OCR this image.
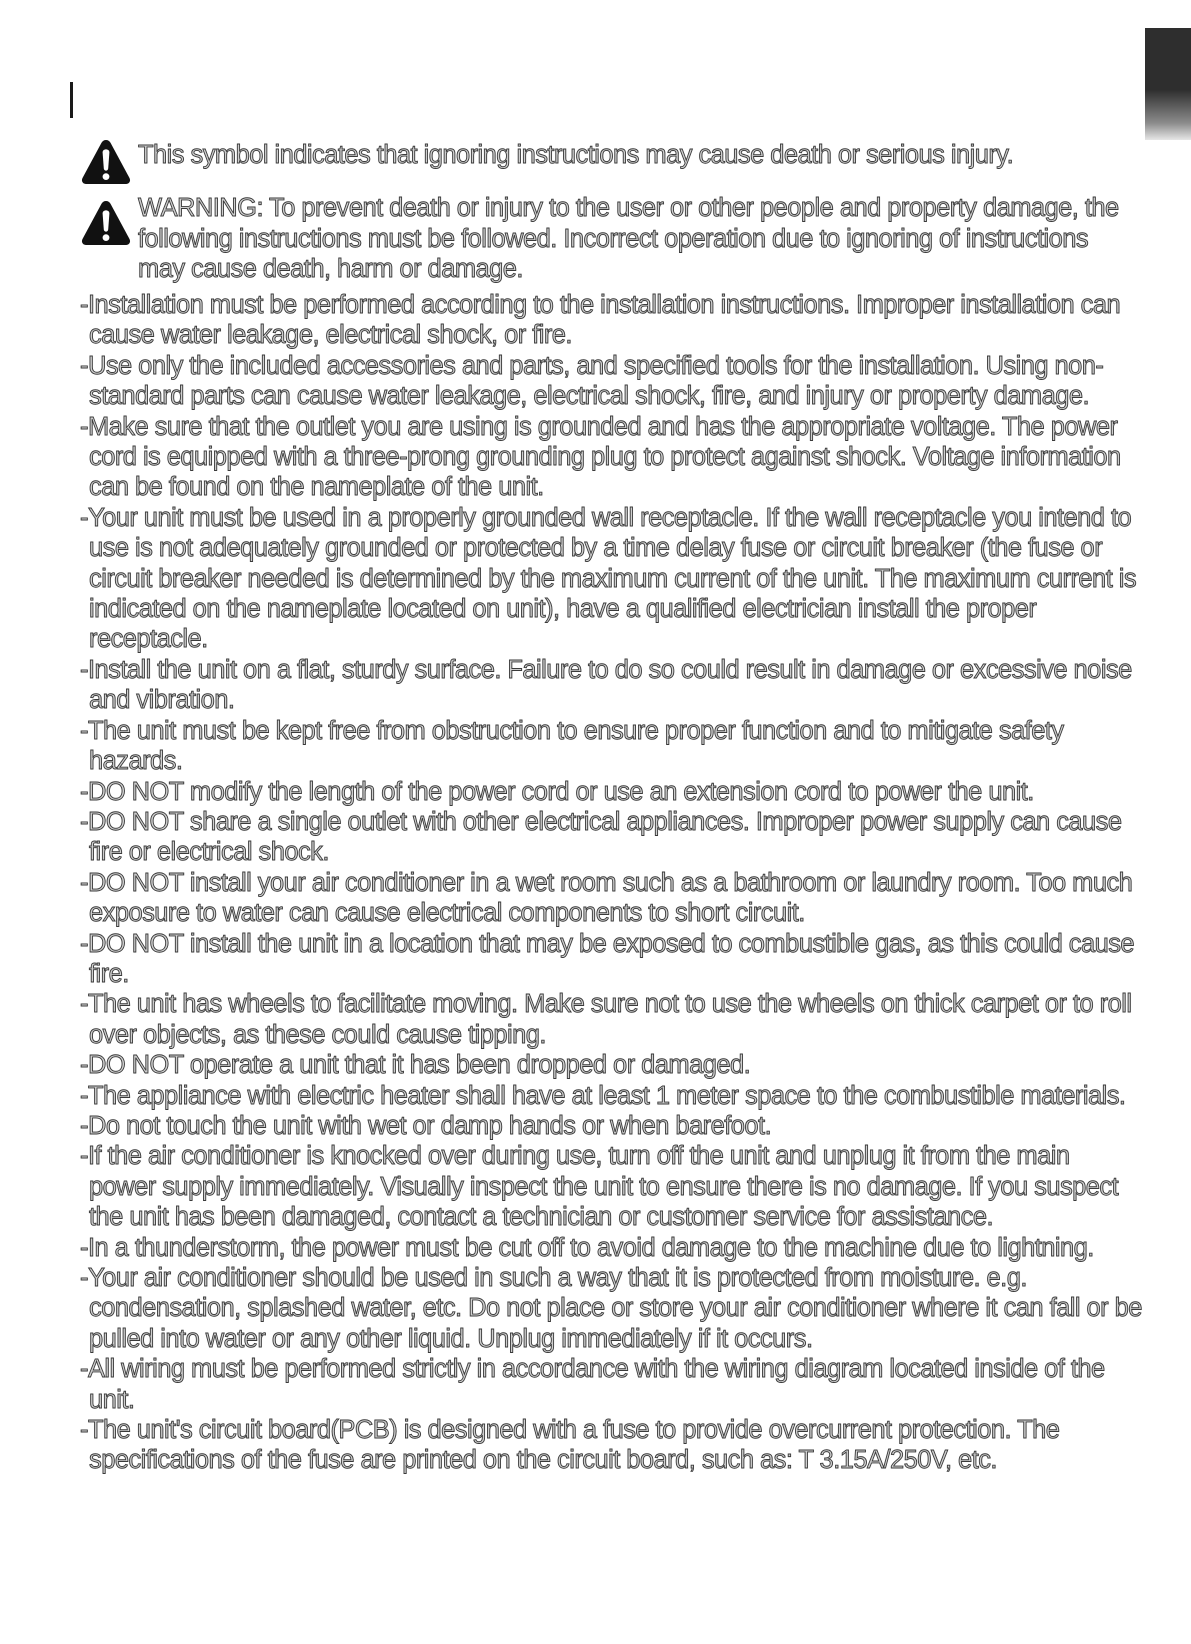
This symbol indicates that ignoring instructions may cause death or serious injury.
WARNING: To prevent death or injury to the user or other people and property damage, the following instructions must be followed. Incorrect operation due to ignoring of instructions may cause death, harm or damage.
- Installation must be performed according to the installation instructions. Improper installation can cause water leakage, electrical shock, or fire.
- Use only the included accessories and parts, and specified tools for the installation. Using non-standard parts can cause water leakage, electrical shock, fire, and injury or property damage.
- Make sure that the outlet you are using is grounded and has the appropriate voltage. The power cord is equipped with a three-prong grounding plug to protect against shock. Voltage information can be found on the nameplate of the unit.
- Your unit must be used in a properly grounded wall receptacle. If the wall receptacle you intend to use is not adequately grounded or protected by a time delay fuse or circuit breaker (the fuse or circuit breaker needed is determined by the maximum current of the unit. The maximum current is indicated on the nameplate located on unit), have a qualified electrician install the proper receptacle.
- Install the unit on a flat, sturdy surface. Failure to do so could result in damage or excessive noise and vibration.
- The unit must be kept free from obstruction to ensure proper function and to mitigate safety hazards.
- DO NOT modify the length of the power cord or use an extension cord to power the unit.
- DO NOT share a single outlet with other electrical appliances. Improper power supply can cause fire or electrical shock.
- DO NOT install your air conditioner in a wet room such as a bathroom or laundry room. Too much exposure to water can cause electrical components to short circuit.
- DO NOT install the unit in a location that may be exposed to combustible gas, as this could cause fire.
- The unit has wheels to facilitate moving. Make sure not to use the wheels on thick carpet or to roll over objects, as these could cause tipping.
- DO NOT operate a unit that it has been dropped or damaged.
- The appliance with electric heater shall have at least 1 meter space to the combustible materials.
- Do not touch the unit with wet or damp hands or when barefoot.
- If the air conditioner is knocked over during use, turn off the unit and unplug it from the main power supply immediately. Visually inspect the unit to ensure there is no damage. If you suspect the unit has been damaged, contact a technician or customer service for assistance.
- In a thunderstorm, the power must be cut off to avoid damage to the machine due to lightning.
- Your air conditioner should be used in such a way that it is protected from moisture. e.g. condensation, splashed water, etc. Do not place or store your air conditioner where it can fall or be pulled into water or any other liquid. Unplug immediately if it occurs.
- All wiring must be performed strictly in accordance with the wiring diagram located inside of the unit.
- The unit's circuit board(PCB) is designed with a fuse to provide overcurrent protection. The specifications of the fuse are printed on the circuit board, such as: T 3.15A/250V, etc.
